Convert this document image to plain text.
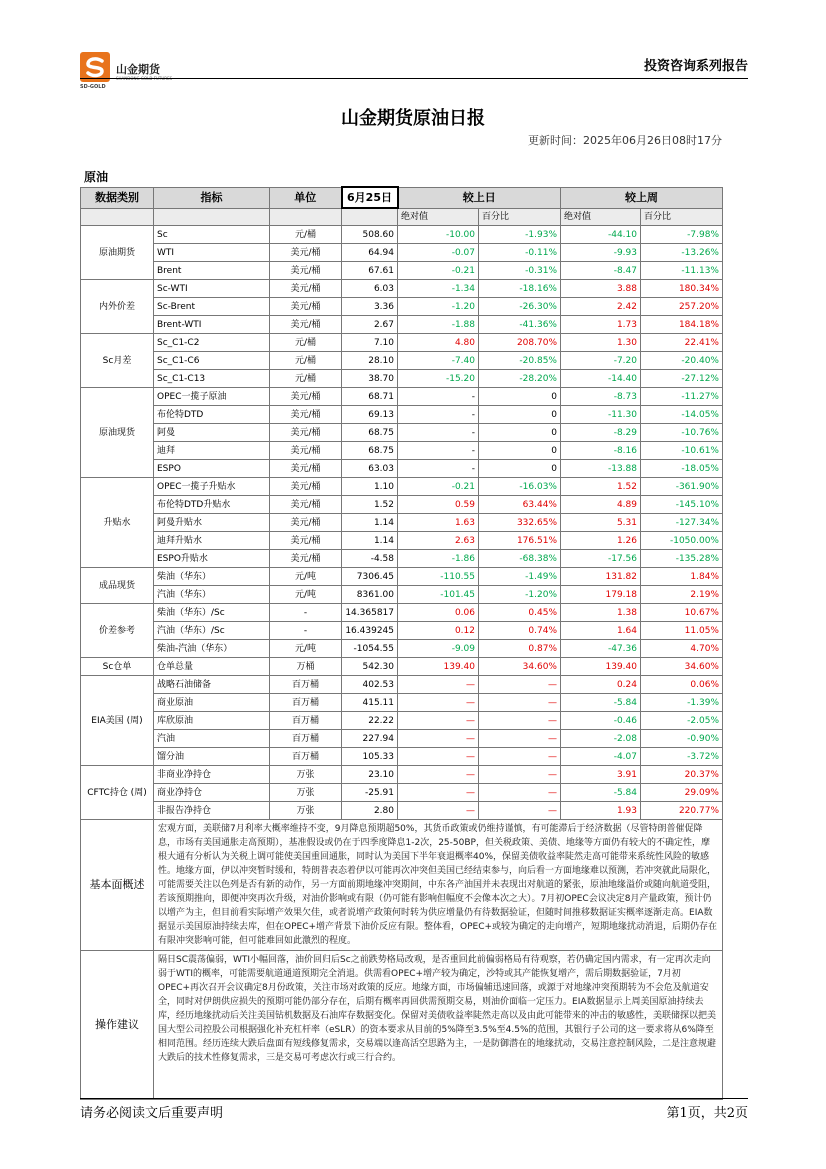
山金期货
SHANDONG GOLD FUTURES
SD-GOLD
投资咨询系列报告
山金期货原油日报
更新时间：2025年06月26日08时17分
原油
数据类别	指标	单位	6月25日	较上日		较上周	
				绝对值	百分比	绝对值	百分比
原油期货	Sc	元/桶	508.60	-10.00	-1.93%	-44.10	-7.98%
	WTI	美元/桶	64.94	-0.07	-0.11%	-9.93	-13.26%
	Brent	美元/桶	67.61	-0.21	-0.31%	-8.47	-11.13%
内外价差	Sc-WTI	美元/桶	6.03	-1.34	-18.16%	3.88	180.34%
	Sc-Brent	美元/桶	3.36	-1.20	-26.30%	2.42	257.20%
	Brent-WTI	美元/桶	2.67	-1.88	-41.36%	1.73	184.18%
Sc月差	Sc_C1-C2	元/桶	7.10	4.80	208.70%	1.30	22.41%
	Sc_C1-C6	元/桶	28.10	-7.40	-20.85%	-7.20	-20.40%
	Sc_C1-C13	元/桶	38.70	-15.20	-28.20%	-14.40	-27.12%
原油现货	OPEC一揽子原油	美元/桶	68.71	-	0	-8.73	-11.27%
	布伦特DTD	美元/桶	69.13	-	0	-11.30	-14.05%
	阿曼	美元/桶	68.75	-	0	-8.29	-10.76%
	迪拜	美元/桶	68.75	-	0	-8.16	-10.61%
	ESPO	美元/桶	63.03	-	0	-13.88	-18.05%
升贴水	OPEC一揽子升贴水	美元/桶	1.10	-0.21	-16.03%	1.52	-361.90%
	布伦特DTD升贴水	美元/桶	1.52	0.59	63.44%	4.89	-145.10%
	阿曼升贴水	美元/桶	1.14	1.63	332.65%	5.31	-127.34%
	迪拜升贴水	美元/桶	1.14	2.63	176.51%	1.26	-1050.00%
	ESPO升贴水	美元/桶	-4.58	-1.86	-68.38%	-17.56	-135.28%
成品现货	柴油（华东）	元/吨	7306.45	-110.55	-1.49%	131.82	1.84%
	汽油（华东）	元/吨	8361.00	-101.45	-1.20%	179.18	2.19%
价差参考	柴油（华东）/Sc	-	14.365817	0.06	0.45%	1.38	10.67%
	汽油（华东）/Sc	-	16.439245	0.12	0.74%	1.64	11.05%
	柴油-汽油（华东）	元/吨	-1054.55	-9.09	0.87%	-47.36	4.70%
Sc仓单	仓单总量	万桶	542.30	139.40	34.60%	139.40	34.60%
EIA美国 (周)	战略石油储备	百万桶	402.53	—	—	0.24	0.06%
	商业原油	百万桶	415.11	—	—	-5.84	-1.39%
	库欣原油	百万桶	22.22	—	—	-0.46	-2.05%
	汽油	百万桶	227.94	—	—	-2.08	-0.90%
	馏分油	百万桶	105.33	—	—	-4.07	-3.72%
CFTC持仓 (周)	非商业净持仓	万张	23.10	—	—	3.91	20.37%
	商业净持仓	万张	-25.91	—	—	-5.84	29.09%
	非报告净持仓	万张	2.80	—	—	1.93	220.77%
基本面概述	宏观方面，美联储7月利率大概率维持不变，9月降息预期超50%，其货币政策或仍维持谨慎，有可能滞后于经济数据（尽管特朗普催促降息，市场有美国通胀走高预期），基准假设或仍在于四季度降息1-2次，25-50BP，但关税政策、美债、地缘等方面仍有较大的不确定性，摩根大通有分析认为关税上调可能使美国重回通胀，同时认为美国下半年衰退概率40%，保留美债收益率陡然走高可能带来系统性风险的敏感性。地缘方面，伊以冲突暂时缓和，特朗普表态着伊以可能再次冲突但美国已经结束参与，向后看一方面地缘难以预测，若冲突就此局限化，可能需要关注以色列是否有新的动作，另一方面前期地缘冲突期间，中东各产油国并未表现出对航道的紧张，原油地缘溢价或随向航道受阻，若该预期推向，即便冲突再次升级，对油价影响或有限（仍可能有影响但幅度不会像本次之大）。7月初OPEC会议决定8月产量政策，预计仍以增产为主，但目前看实际增产效果欠佳，或者说增产政策何时转为供应增量仍有待数据验证，但随时间推移数据证实概率逐渐走高。EIA数据显示美国原油持续去库，但在OPEC+增产背景下油价反应有限。整体看，OPEC+或较为确定的走向增产，短期地缘扰动消退，后期仍存在有限冲突影响可能，但可能难回如此激烈的程度。						
操作建议	隔日SC震荡偏弱，WTI小幅回落，油价回归后Sc之前跌势格局改观，是否重回此前偏弱格局有待观察，若仍确定国内需求，有一定再次走向弱于WTI的概率，可能需要航道通道预期完全消退。供需看OPEC+增产较为确定，沙特或其产能恢复增产，需后期数据验证，7月初OPEC+再次召开会议确定8月份政策，关注市场对政策的反应。地缘方面，市场偏辅迅速回落，或源于对地缘冲突预期转为不会危及航道安全，同时对伊朗供应损失的预期可能仍部分存在，后期有概率再回供需预期交易，则油价面临一定压力。EIA数据显示上周美国原油持续去库，经历地缘扰动后关注美国钻机数据及石油库存数据变化。保留对美债收益率陡然走高以及由此可能带来的冲击的敏感性，美联储探以把美国大型公司控股公司根据强化补充杠杆率（eSLR）的资本要求从目前的5%降至3.5%至4.5%的范围，其银行子公司的这一要求将从6%降至相同范围。经历连续大跌后盘面有短线修复需求，交易端以逢高活空思路为主，一是防御潜在的地缘扰动，交易注意控制风险，二是注意规避大跌后的技术性修复需求，三是交易可考虑次行或三行合约。						
请务必阅读文后重要声明	第1页，共2页
